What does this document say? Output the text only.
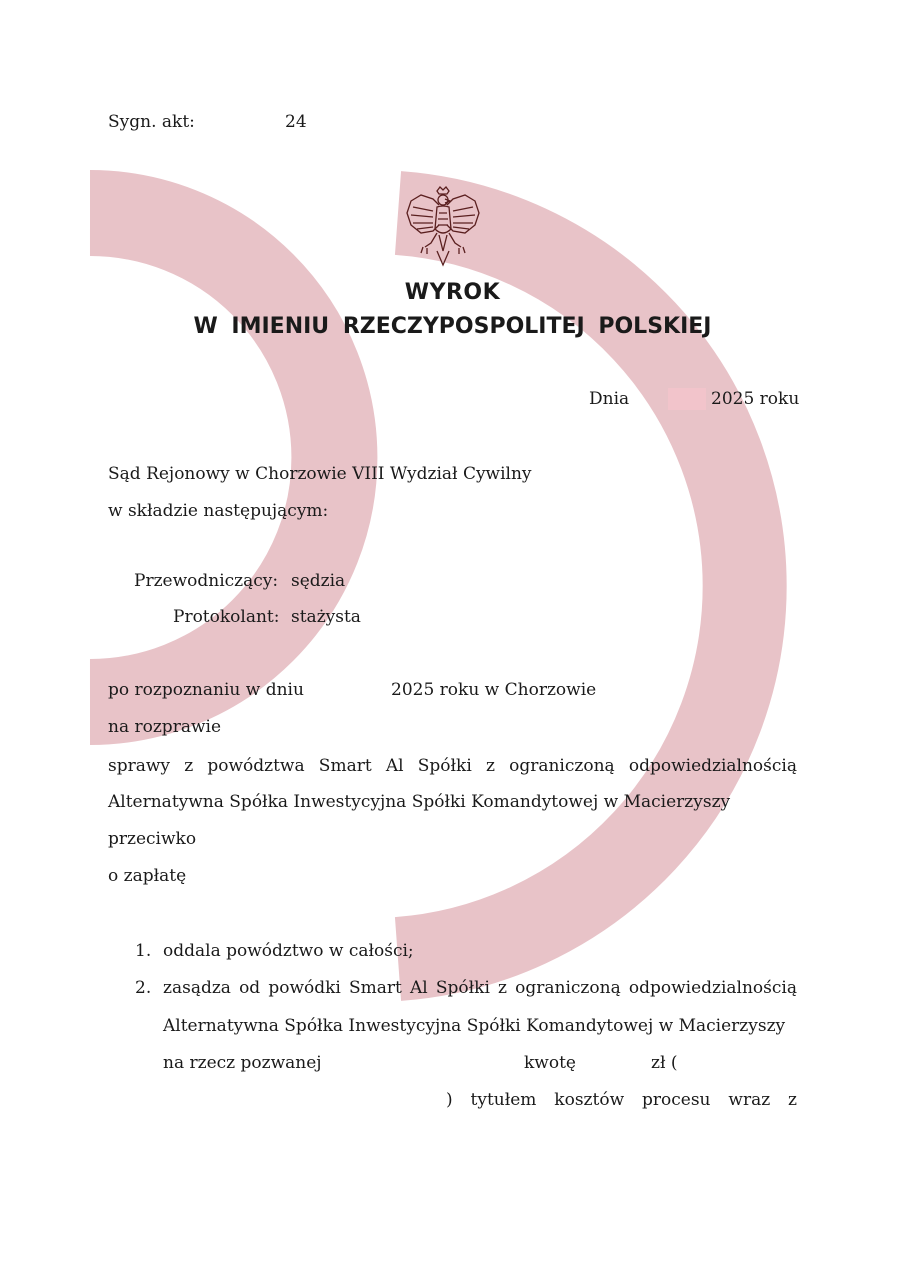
Sygn. akt:	24
WYROK
W IMIENIU RZECZYPOSPOLITEJ POLSKIEJ
Dnia	2025 roku
Sąd Rejonowy w Chorzowie VIII Wydział Cywilny
w składzie następującym:
Przewodniczący: sędzia
Protokolant: stażysta
po rozpoznaniu w dniu	2025 roku w Chorzowie
na rozprawie
sprawy z powództwa Smart Al Spółki z ograniczoną odpowiedzialnością
Alternatywna Spółka Inwestycyjna Spółki Komandytowej w Macierzyszy
przeciwko
o zapłatę
1. oddala powództwo w całości;
2. zasądza od powódki Smart Al Spółki z ograniczoną odpowiedzialnością
Alternatywna Spółka Inwestycyjna Spółki Komandytowej w Macierzyszy
na rzecz pozwanej	kwotę	zł (
) tytułem kosztów procesu wraz z
